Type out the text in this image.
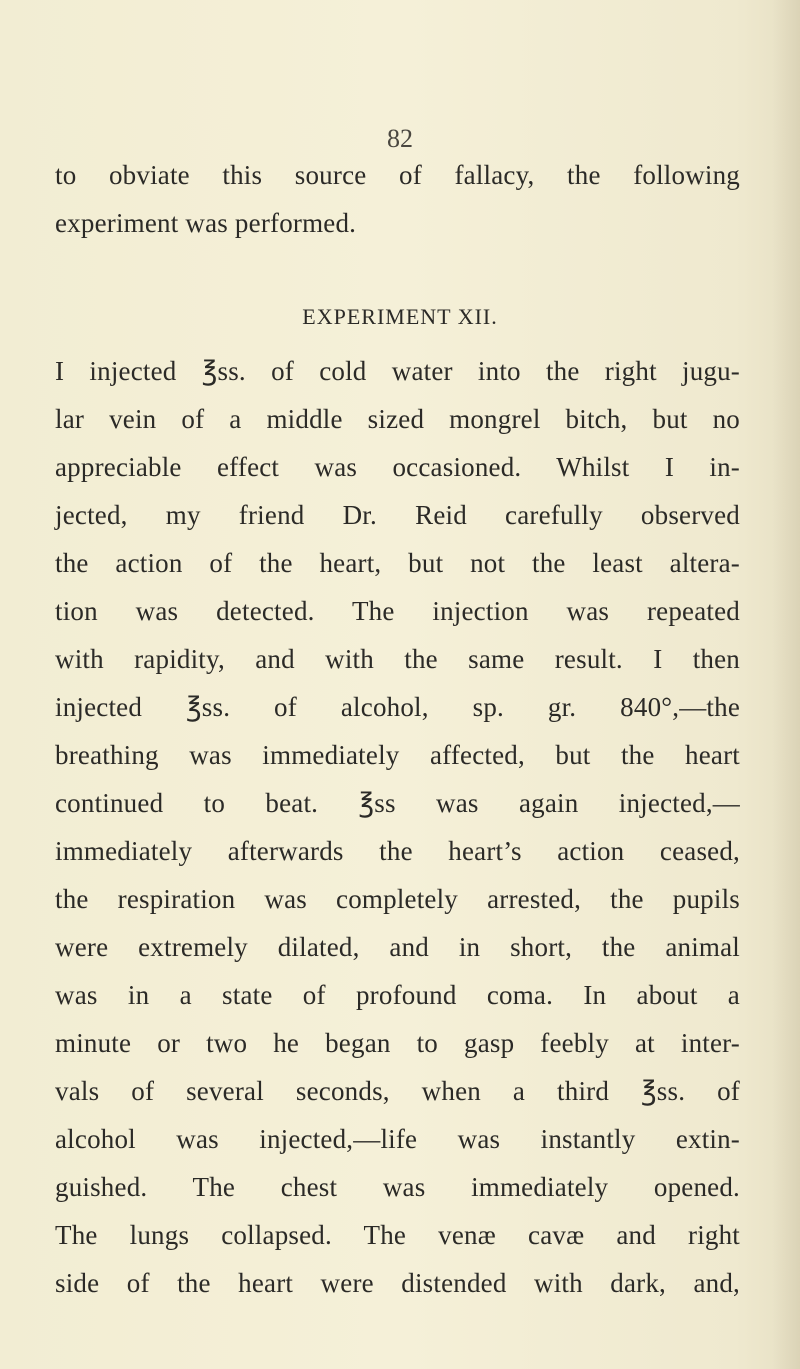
82
to obviate this source of fallacy, the following
experiment was performed.
EXPERIMENT XII.
I injected ℥ss. of cold water into the right jugu-
lar vein of a middle sized mongrel bitch, but no
appreciable effect was occasioned. Whilst I in-
jected, my friend Dr. Reid carefully observed
the action of the heart, but not the least altera-
tion was detected. The injection was repeated
with rapidity, and with the same result. I then
injected ℥ss. of alcohol, sp. gr. 840°,—the
breathing was immediately affected, but the heart
continued to beat. ℥ss was again injected,—
immediately afterwards the heart’s action ceased,
the respiration was completely arrested, the pupils
were extremely dilated, and in short, the animal
was in a state of profound coma. In about a
minute or two he began to gasp feebly at inter-
vals of several seconds, when a third ℥ss. of
alcohol was injected,—life was instantly extin-
guished. The chest was immediately opened.
The lungs collapsed. The venæ cavæ and right
side of the heart were distended with dark, and,
